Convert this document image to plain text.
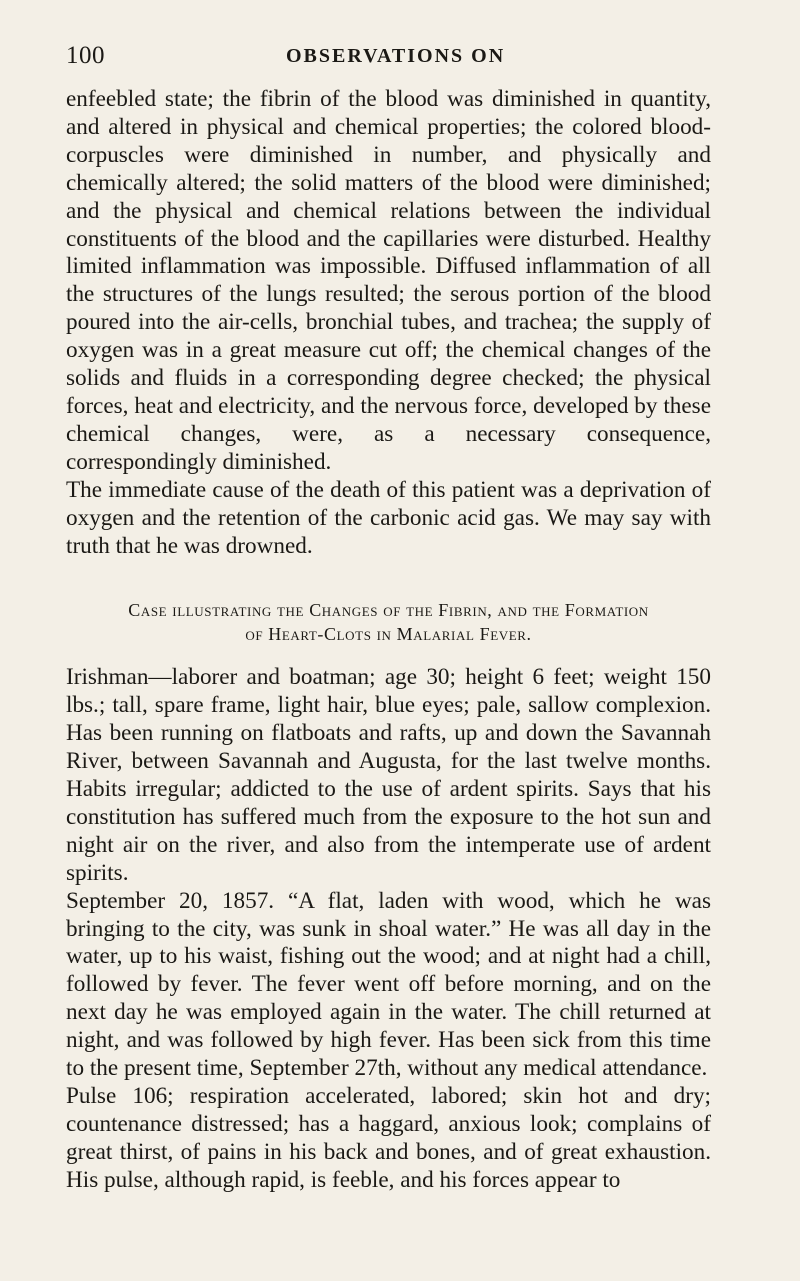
100	OBSERVATIONS ON

enfeebled state; the fibrin of the blood was diminished in quantity, and altered in physical and chemical properties; the colored blood-corpuscles were diminished in number, and physically and chemically altered; the solid matters of the blood were diminished; and the physical and chemical relations between the individual constituents of the blood and the capillaries were disturbed. Healthy limited inflammation was impossible. Diffused inflammation of all the structures of the lungs resulted; the serous portion of the blood poured into the air-cells, bronchial tubes, and trachea; the supply of oxygen was in a great measure cut off; the chemical changes of the solids and fluids in a corresponding degree checked; the physical forces, heat and electricity, and the nervous force, developed by these chemical changes, were, as a necessary consequence, correspondingly diminished.

The immediate cause of the death of this patient was a deprivation of oxygen and the retention of the carbonic acid gas. We may say with truth that he was drowned.

Case illustrating the Changes of the Fibrin, and the Formation
of Heart-Clots in Malarial Fever.

Irishman—laborer and boatman; age 30; height 6 feet; weight 150 lbs.; tall, spare frame, light hair, blue eyes; pale, sallow complexion. Has been running on flatboats and rafts, up and down the Savannah River, between Savannah and Augusta, for the last twelve months. Habits irregular; addicted to the use of ardent spirits. Says that his constitution has suffered much from the exposure to the hot sun and night air on the river, and also from the intemperate use of ardent spirits.

September 20, 1857. “A flat, laden with wood, which he was bringing to the city, was sunk in shoal water.” He was all day in the water, up to his waist, fishing out the wood; and at night had a chill, followed by fever. The fever went off before morning, and on the next day he was employed again in the water. The chill returned at night, and was followed by high fever. Has been sick from this time to the present time, September 27th, without any medical attendance.

Pulse 106; respiration accelerated, labored; skin hot and dry; countenance distressed; has a haggard, anxious look; complains of great thirst, of pains in his back and bones, and of great exhaustion. His pulse, although rapid, is feeble, and his forces appear to
